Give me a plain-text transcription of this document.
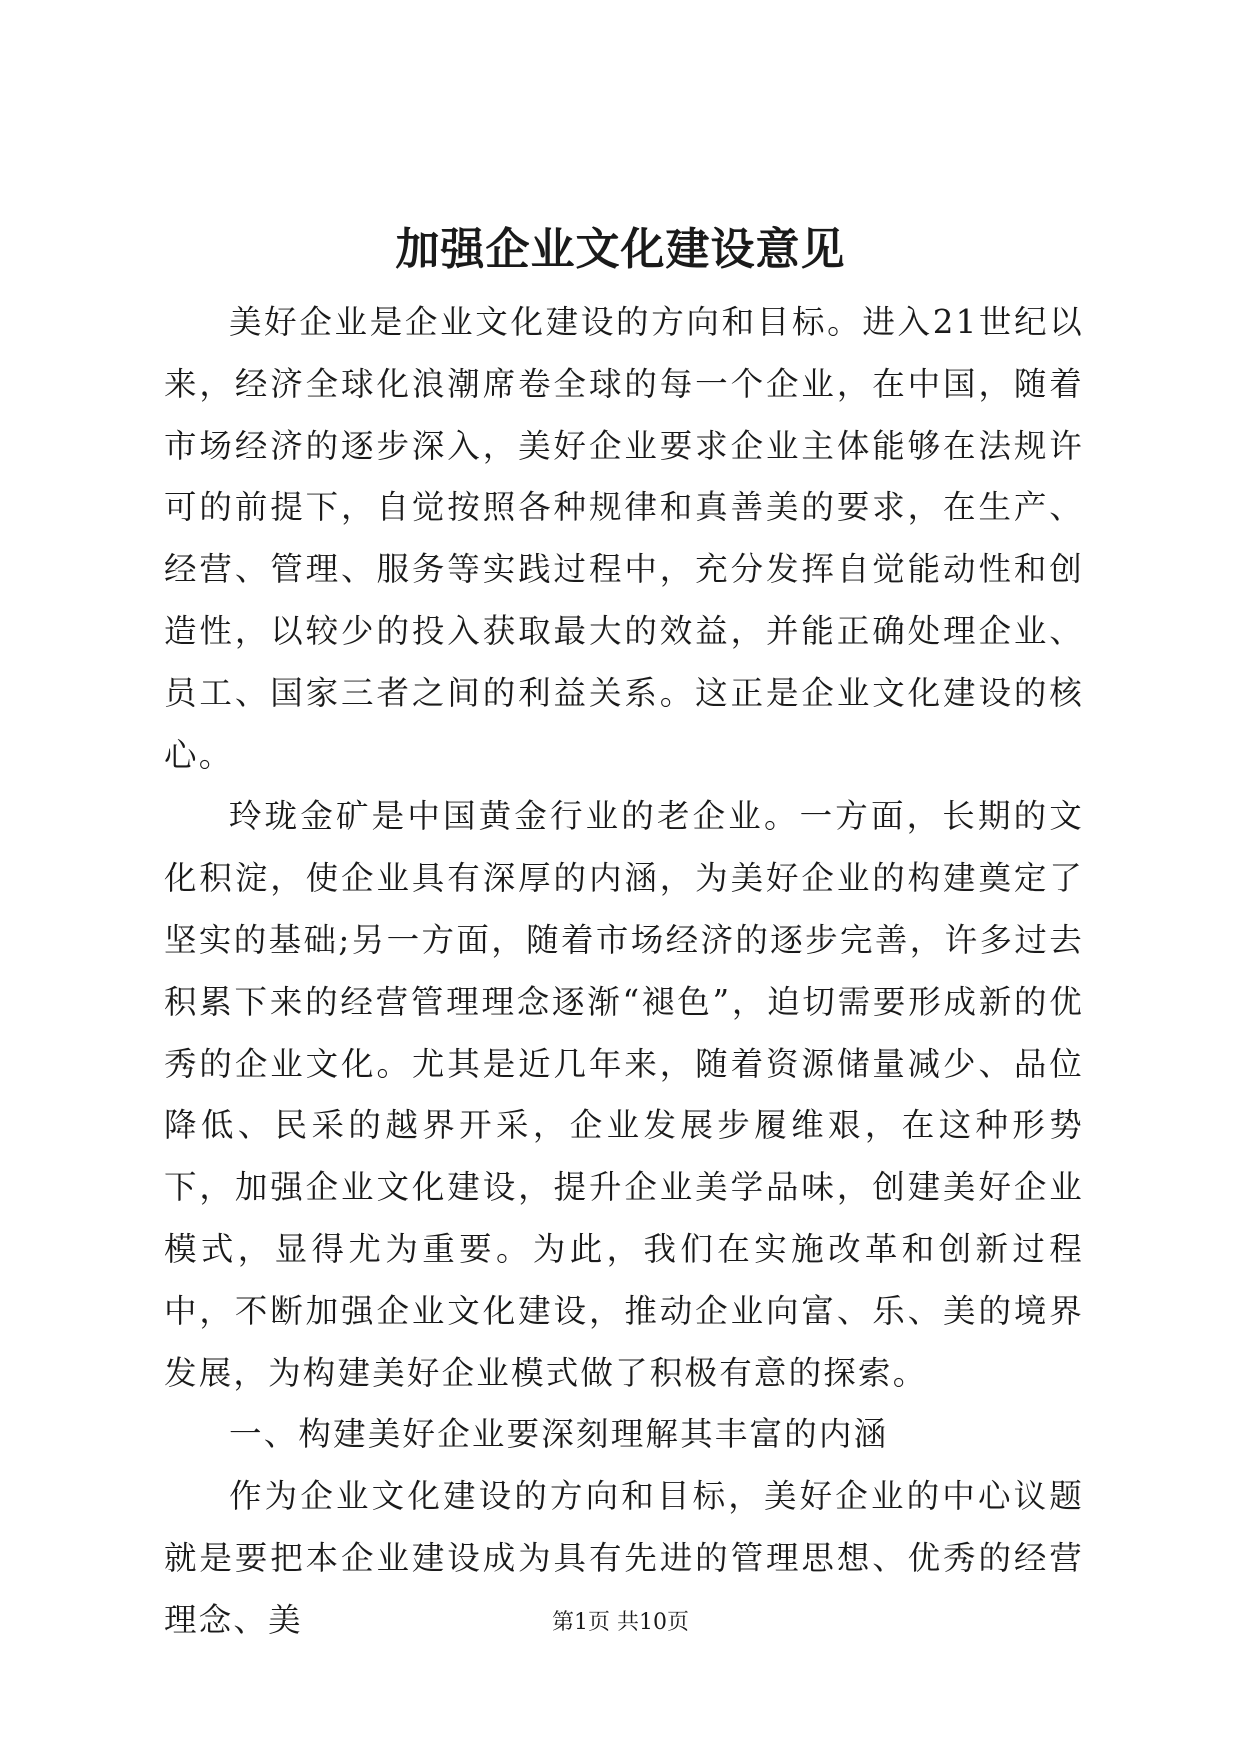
加强企业文化建设意见

美好企业是企业文化建设的方向和目标。进入21世纪以来，经济全球化浪潮席卷全球的每一个企业，在中国，随着市场经济的逐步深入，美好企业要求企业主体能够在法规许可的前提下，自觉按照各种规律和真善美的要求，在生产、经营、管理、服务等实践过程中，充分发挥自觉能动性和创造性，以较少的投入获取最大的效益，并能正确处理企业、员工、国家三者之间的利益关系。这正是企业文化建设的核心。

玲珑金矿是中国黄金行业的老企业。一方面，长期的文化积淀，使企业具有深厚的内涵，为美好企业的构建奠定了坚实的基础;另一方面，随着市场经济的逐步完善，许多过去积累下来的经营管理理念逐渐“褪色”，迫切需要形成新的优秀的企业文化。尤其是近几年来，随着资源储量减少、品位降低、民采的越界开采，企业发展步履维艰，在这种形势下，加强企业文化建设，提升企业美学品味，创建美好企业模式，显得尤为重要。为此，我们在实施改革和创新过程中，不断加强企业文化建设，推动企业向富、乐、美的境界发展，为构建美好企业模式做了积极有意的探索。

一、构建美好企业要深刻理解其丰富的内涵

作为企业文化建设的方向和目标，美好企业的中心议题就是要把本企业建设成为具有先进的管理思想、优秀的经营理念、美	第1页 共10页
